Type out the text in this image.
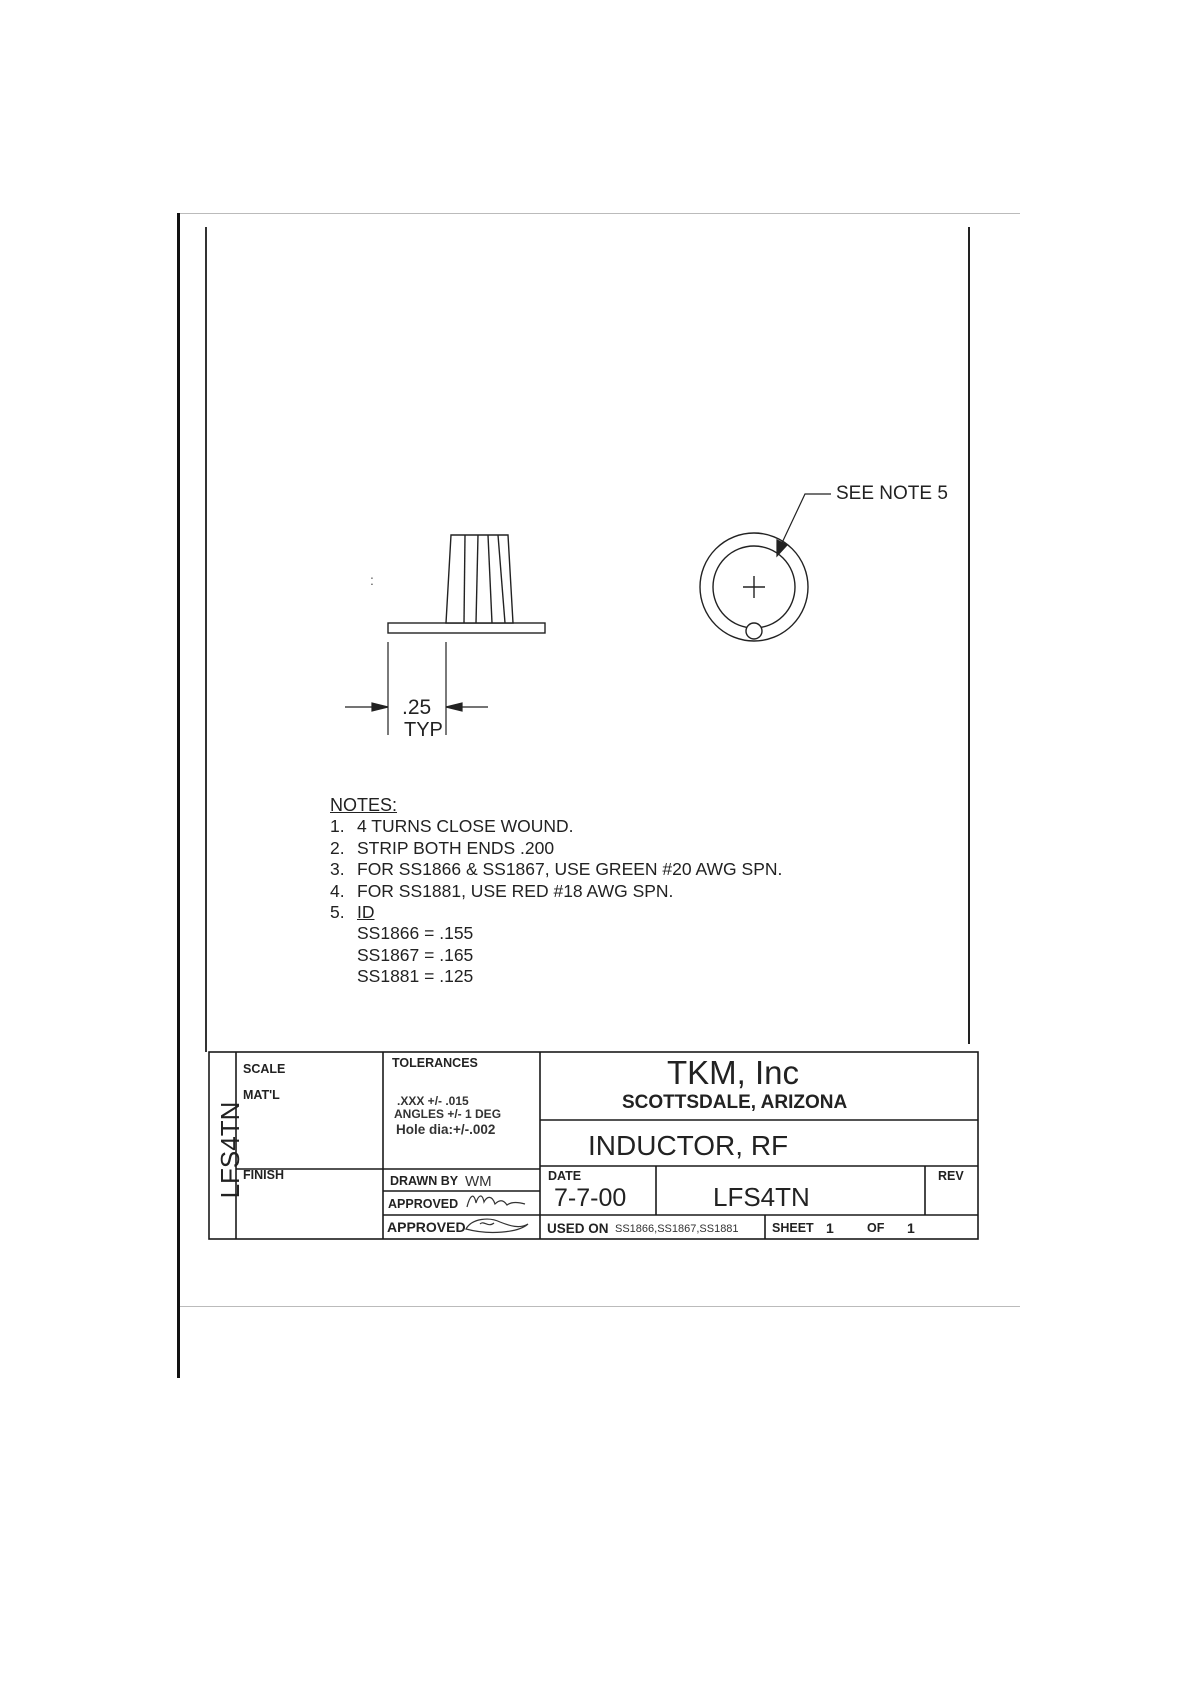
:
SEE NOTE 5
.25
TYP
NOTES:
1. 4 TURNS CLOSE WOUND.
2. STRIP BOTH ENDS .200
3. FOR SS1866 & SS1867, USE GREEN #20 AWG SPN.
4. FOR SS1881, USE RED #18 AWG SPN.
5. ID
SS1866 = .155
SS1867 = .165
SS1881 = .125
LFS4TN
SCALE
MAT'L
FINISH
TOLERANCES
.XXX +/- .015
ANGLES +/- 1 DEG
Hole dia:+/-.002
TKM, Inc
SCOTTSDALE, ARIZONA
INDUCTOR, RF
DRAWN BY WM
APPROVED
APPROVED
DATE
7-7-00	LFS4TN
REV
USED ON SS1866,SS1867,SS1881	SHEET 1	OF 1
